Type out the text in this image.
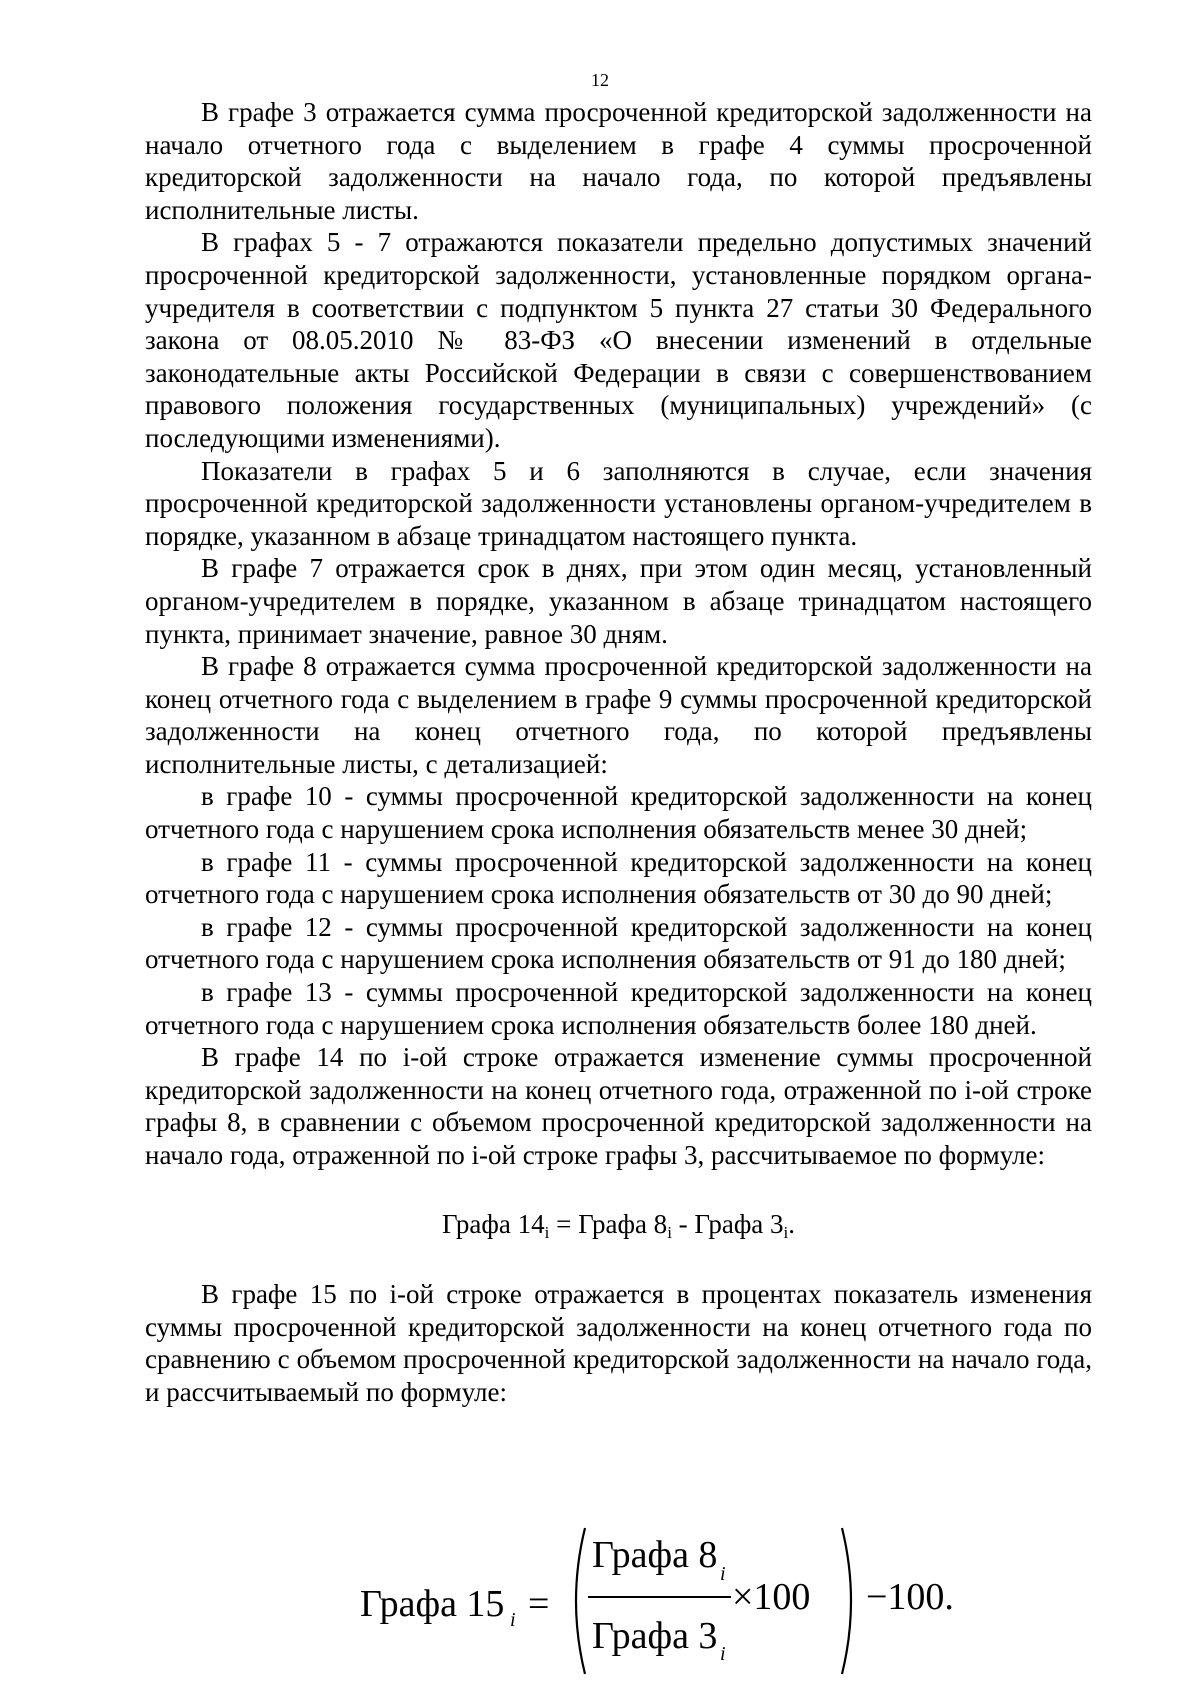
12

В графе 3 отражается сумма просроченной кредиторской задолженности на начало отчетного года с выделением в графе 4 суммы просроченной кредиторской задолженности на начало года, по которой предъявлены исполнительные листы.

В графах 5 - 7 отражаются показатели предельно допустимых значений просроченной кредиторской задолженности, установленные порядком органа-учредителя в соответствии с подпунктом 5 пункта 27 статьи 30 Федерального закона от 08.05.2010 № 83-ФЗ «О внесении изменений в отдельные законодательные акты Российской Федерации в связи с совершенствованием правового положения государственных (муниципальных) учреждений» (с последующими изменениями).

Показатели в графах 5 и 6 заполняются в случае, если значения просроченной кредиторской задолженности установлены органом-учредителем в порядке, указанном в абзаце тринадцатом настоящего пункта.

В графе 7 отражается срок в днях, при этом один месяц, установленный органом-учредителем в порядке, указанном в абзаце тринадцатом настоящего пункта, принимает значение, равное 30 дням.

В графе 8 отражается сумма просроченной кредиторской задолженности на конец отчетного года с выделением в графе 9 суммы просроченной кредиторской задолженности на конец отчетного года, по которой предъявлены исполнительные листы, с детализацией:

в графе 10 - суммы просроченной кредиторской задолженности на конец отчетного года с нарушением срока исполнения обязательств менее 30 дней;

в графе 11 - суммы просроченной кредиторской задолженности на конец отчетного года с нарушением срока исполнения обязательств от 30 до 90 дней;

в графе 12 - суммы просроченной кредиторской задолженности на конец отчетного года с нарушением срока исполнения обязательств от 91 до 180 дней;

в графе 13 - суммы просроченной кредиторской задолженности на конец отчетного года с нарушением срока исполнения обязательств более 180 дней.

В графе 14 по i-ой строке отражается изменение суммы просроченной кредиторской задолженности на конец отчетного года, отраженной по i-ой строке графы 8, в сравнении с объемом просроченной кредиторской задолженности на начало года, отраженной по i-ой строке графы 3, рассчитываемое по формуле:

Графа $14_i$ = Графа $8_i$ - Графа $3_i$.

В графе 15 по i-ой строке отражается в процентах показатель изменения суммы просроченной кредиторской задолженности на конец отчетного года по сравнению с объемом просроченной кредиторской задолженности на начало года, и рассчитываемый по формуле:

Графа 15 i =
Графа 8 i
Графа 3 i
×100 −100.
